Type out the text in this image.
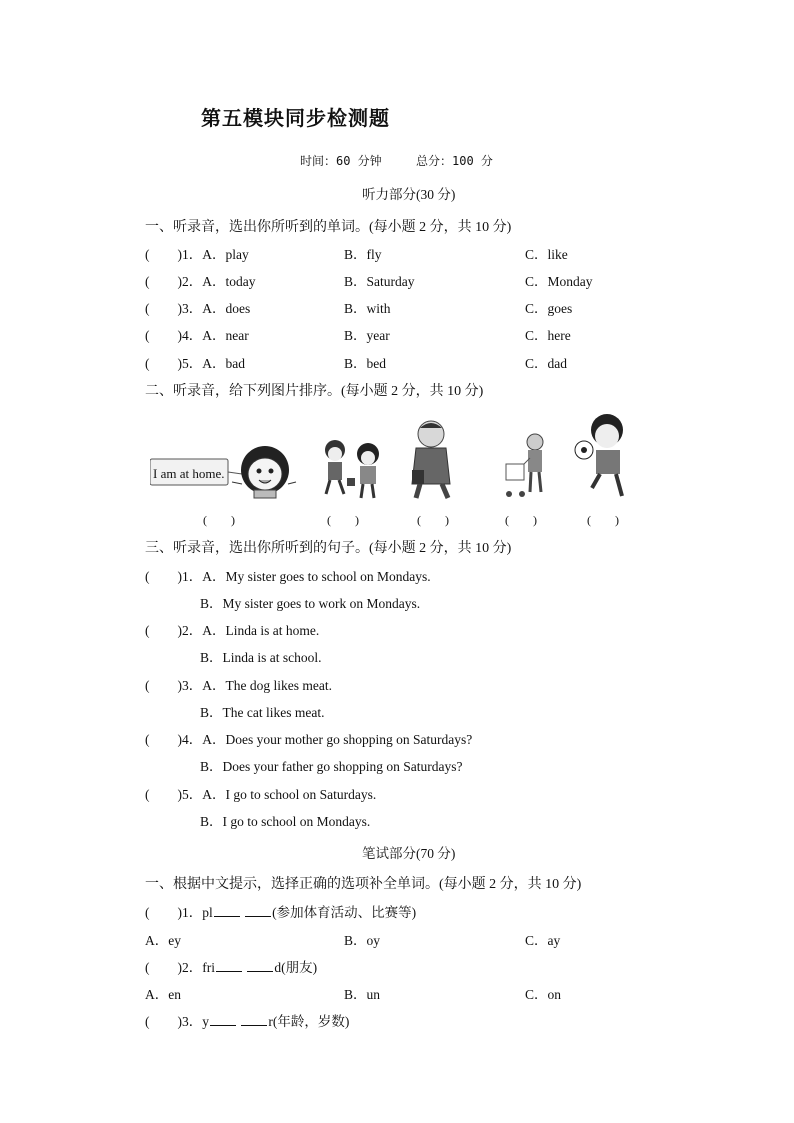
第五模块同步检测题
时间：60 分钟	总分：100 分
听力部分(30 分)
一、听录音，选出你所听到的单词。(每小题 2 分，共 10 分)
( )1．A．play	B．fly	C．like
( )2．A．today	B．Saturday	C．Monday
( )3．A．does	B．with	C．goes
( )4．A．near	B．year	C．here
( )5．A．bad	B．bed	C．dad
二、听录音，给下列图片排序。(每小题 2 分，共 10 分)
I am at home.
(　　)	(　　)	(　　)	(　　)	(　　)
三、听录音，选出你所听到的句子。(每小题 2 分，共 10 分)
( )1．A．My sister goes to school on Mondays.
B．My sister goes to work on Mondays.
( )2．A．Linda is at home.
B．Linda is at school.
( )3．A．The dog likes meat.
B．The cat likes meat.
( )4．A．Does your mother go shopping on Saturdays?
B．Does your father go shopping on Saturdays?
( )5．A．I go to school on Saturdays.
B．I go to school on Mondays.
笔试部分(70 分)
一、根据中文提示，选择正确的选项补全单词。(每小题 2 分，共 10 分)
( )1．pl	(参加体育活动、比赛等)
A．ey	B．oy	C．ay
( )2．fri	d(朋友)
A．en	B．un	C．on
( )3．y	r(年龄，岁数)
